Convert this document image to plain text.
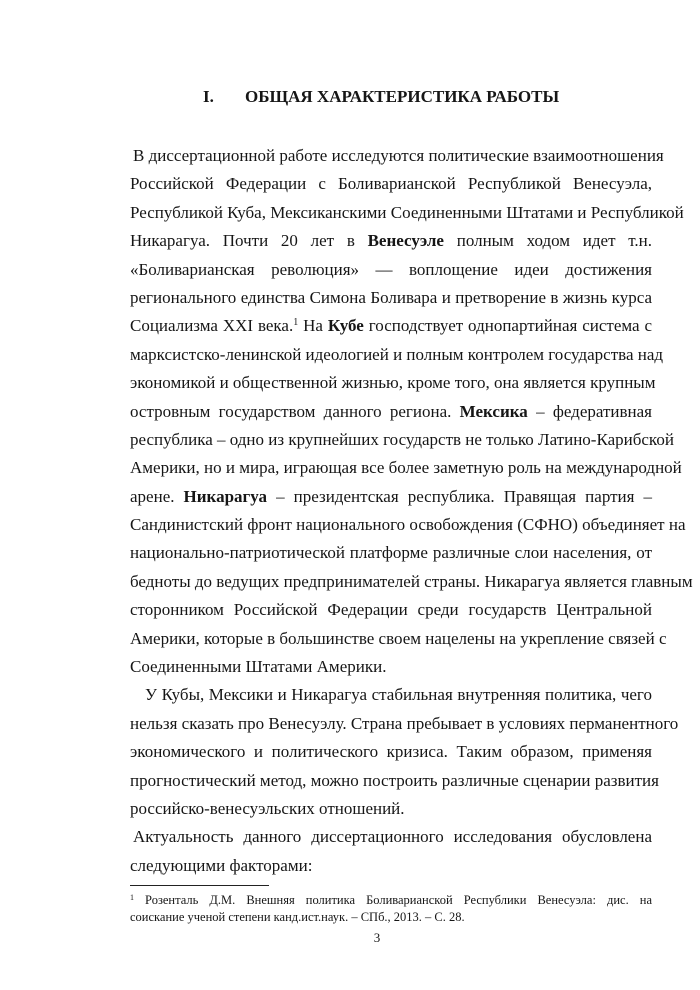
I. ОБЩАЯ ХАРАКТЕРИСТИКА РАБОТЫ
В диссертационной работе исследуются политические взаимоотношения
Российской Федерации с Боливарианской Республикой Венесуэла,
Республикой Куба, Мексиканскими Соединенными Штатами и Республикой
Никарагуа. Почти 20 лет в Венесуэле полным ходом идет т.н.
«Боливарианская революция» — воплощение идеи достижения
регионального единства Симона Боливара и претворение в жизнь курса
Социализма XXI века.$^1$ На Кубе господствует однопартийная система с
марксистско-ленинской идеологией и полным контролем государства над
экономикой и общественной жизнью, кроме того, она является крупным
островным государством данного региона. Мексика – федеративная
республика – одно из крупнейших государств не только Латино-Карибской
Америки, но и мира, играющая все более заметную роль на международной
арене. Никарагуа – президентская республика. Правящая партия –
Сандинистский фронт национального освобождения (СФНО) объединяет на
национально-патриотической платформе различные слои населения, от
бедноты до ведущих предпринимателей страны. Никарагуа является главным
сторонником Российской Федерации среди государств Центральной
Америки, которые в большинстве своем нацелены на укрепление связей с
Соединенными Штатами Америки.
У Кубы, Мексики и Никарагуа стабильная внутренняя политика, чего
нельзя сказать про Венесуэлу. Страна пребывает в условиях перманентного
экономического и политического кризиса. Таким образом, применяя
прогностический метод, можно построить различные сценарии развития
российско-венесуэльских отношений.
Актуальность данного диссертационного исследования обусловлена
следующими факторами:
$^1$ Розенталь Д.М. Внешняя политика Боливарианской Республики Венесуэла: дис. на
соискание ученой степени канд.ист.наук. – СПб., 2013. – С. 28.
3
